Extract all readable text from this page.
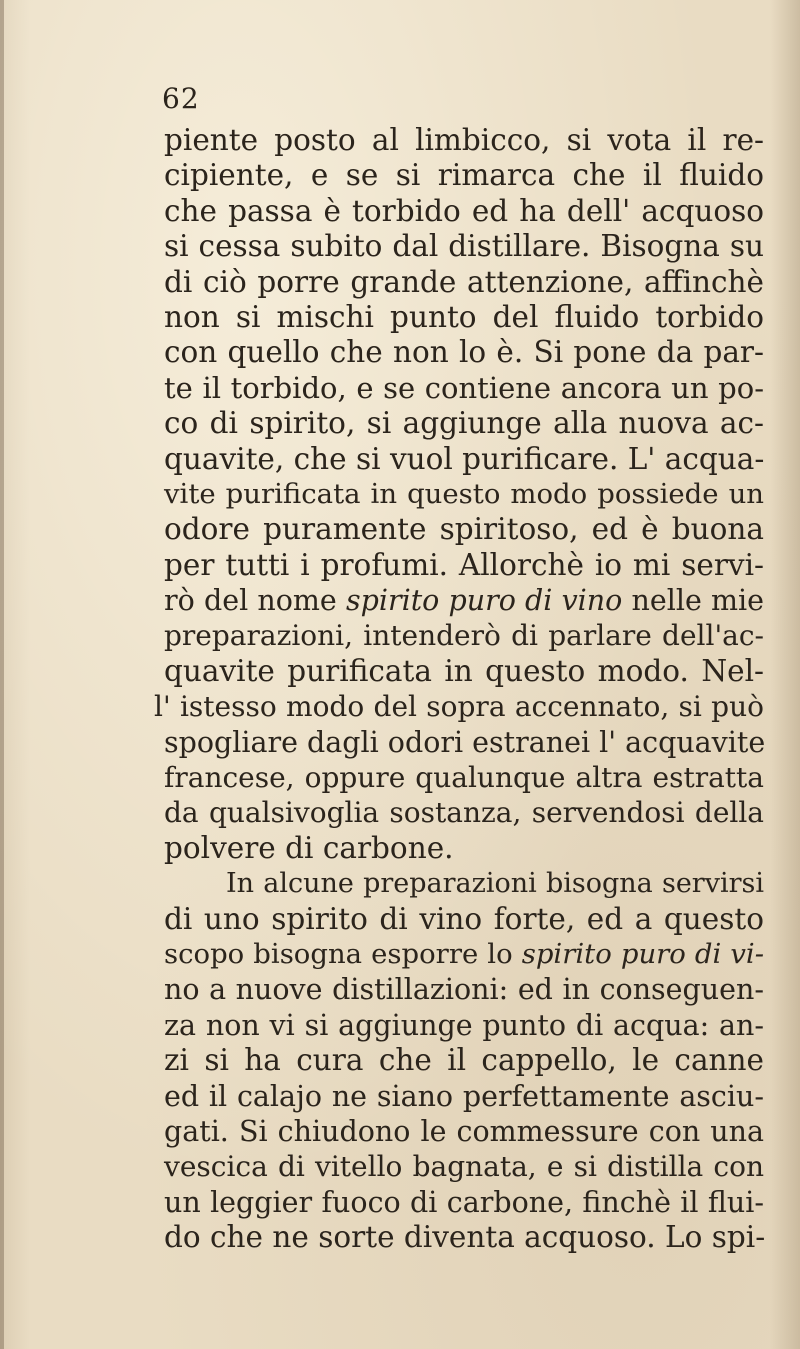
62
piente posto al limbicco, si vota il re-
cipiente, e se si rimarca che il fluido
che passa è torbido ed ha dell' acquoso
si cessa subito dal distillare. Bisogna su
di ciò porre grande attenzione, affinchè
non si mischi punto del fluido torbido
con quello che non lo è. Si pone da par-
te il torbido, e se contiene ancora un po-
co di spirito, si aggiunge alla nuova ac-
quavite, che si vuol purificare. L' acqua-
vite purificata in questo modo possiede un
odore puramente spiritoso, ed è buona
per tutti i profumi. Allorchè io mi servi-
rò del nome spirito puro di vino nelle mie
preparazioni, intenderò di parlare dell'ac-
quavite purificata in questo modo. Nel-
l' istesso modo del sopra accennato, si può
spogliare dagli odori estranei l' acquavite
francese, oppure qualunque altra estratta
da qualsivoglia sostanza, servendosi della
polvere di carbone.
In alcune preparazioni bisogna servirsi
di uno spirito di vino forte, ed a questo
scopo bisogna esporre lo spirito puro di vi-
no a nuove distillazioni: ed in conseguen-
za non vi si aggiunge punto di acqua: an-
zi si ha cura che il cappello, le canne
ed il calajo ne siano perfettamente asciu-
gati. Si chiudono le commessure con una
vescica di vitello bagnata, e si distilla con
un leggier fuoco di carbone, finchè il flui-
do che ne sorte diventa acquoso. Lo spi-
